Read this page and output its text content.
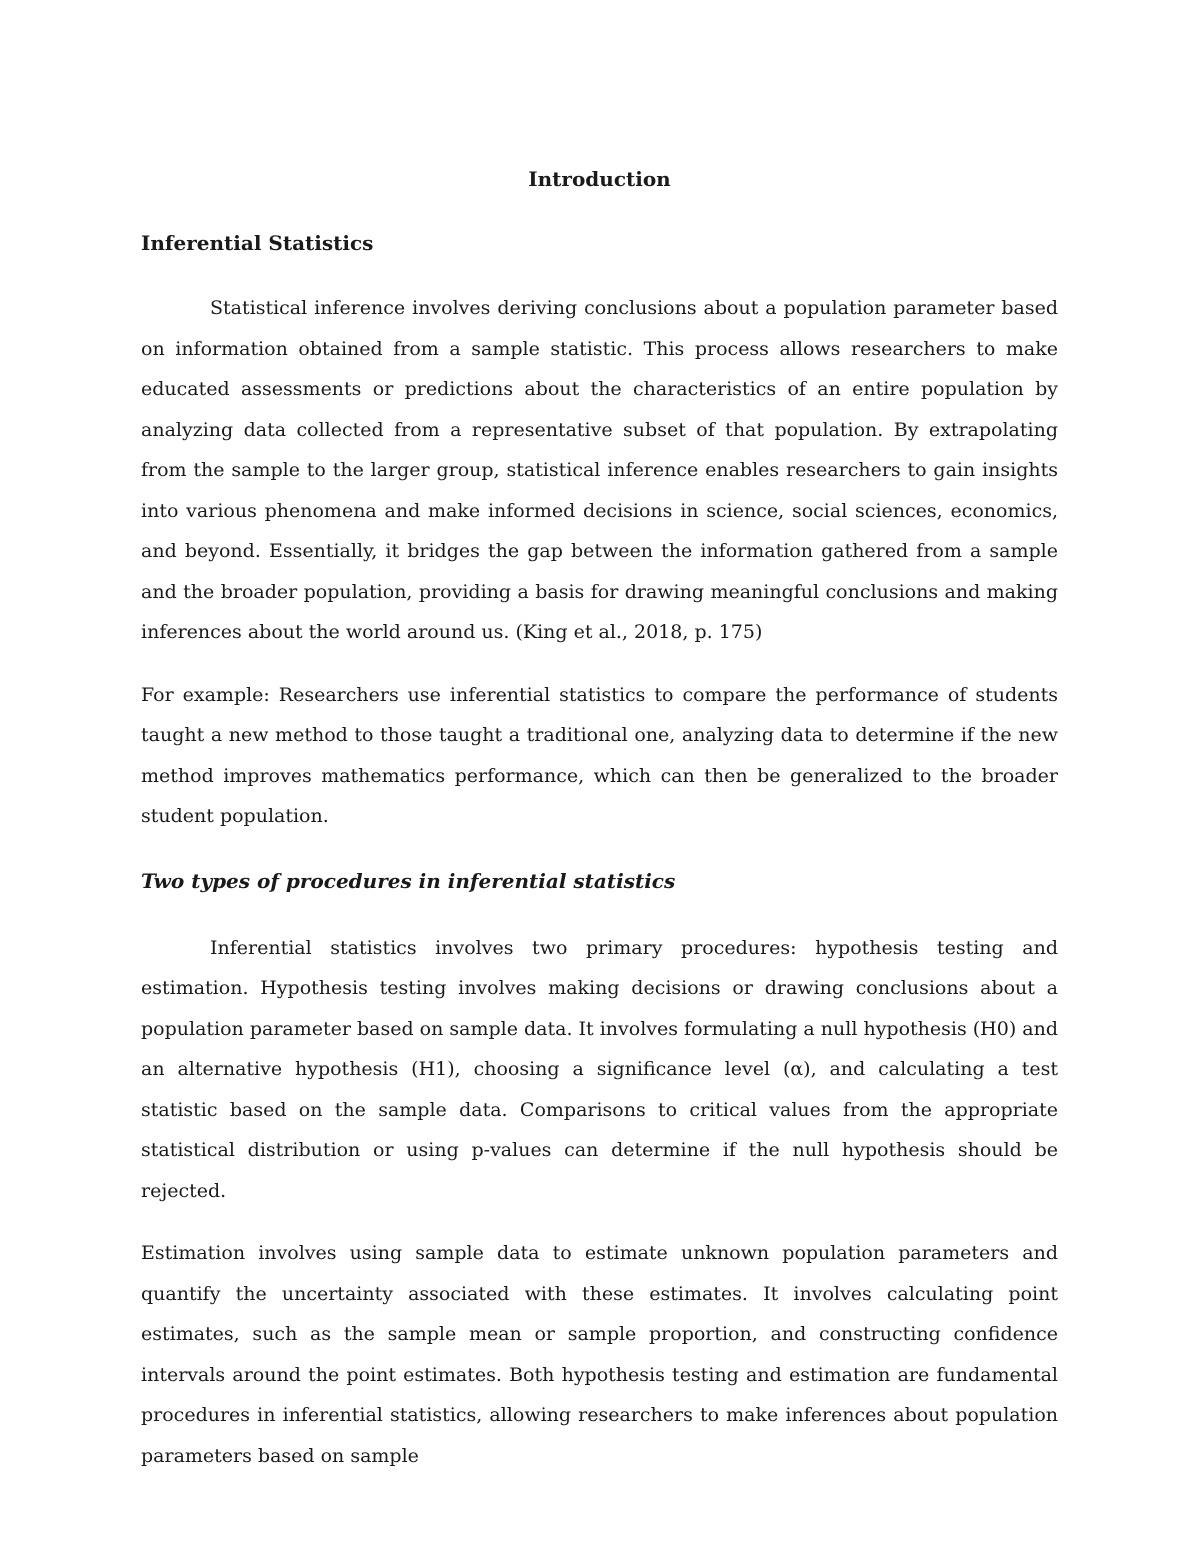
Introduction
Inferential Statistics

Statistical inference involves deriving conclusions about a population parameter based on information obtained from a sample statistic. This process allows researchers to make educated assessments or predictions about the characteristics of an entire population by analyzing data collected from a representative subset of that population. By extrapolating from the sample to the larger group, statistical inference enables researchers to gain insights into various phenomena and make informed decisions in science, social sciences, economics, and beyond. Essentially, it bridges the gap between the information gathered from a sample and the broader population, providing a basis for drawing meaningful conclusions and making inferences about the world around us. (King et al., 2018, p. 175)

For example: Researchers use inferential statistics to compare the performance of students taught a new method to those taught a traditional one, analyzing data to determine if the new method improves mathematics performance, which can then be generalized to the broader student population.

Two types of procedures in inferential statistics

Inferential statistics involves two primary procedures: hypothesis testing and estimation. Hypothesis testing involves making decisions or drawing conclusions about a population parameter based on sample data. It involves formulating a null hypothesis (H0) and an alternative hypothesis (H1), choosing a significance level (α), and calculating a test statistic based on the sample data. Comparisons to critical values from the appropriate statistical distribution or using p-values can determine if the null hypothesis should be rejected.

Estimation involves using sample data to estimate unknown population parameters and quantify the uncertainty associated with these estimates. It involves calculating point estimates, such as the sample mean or sample proportion, and constructing confidence intervals around the point estimates. Both hypothesis testing and estimation are fundamental procedures in inferential statistics, allowing researchers to make inferences about population parameters based on sample
